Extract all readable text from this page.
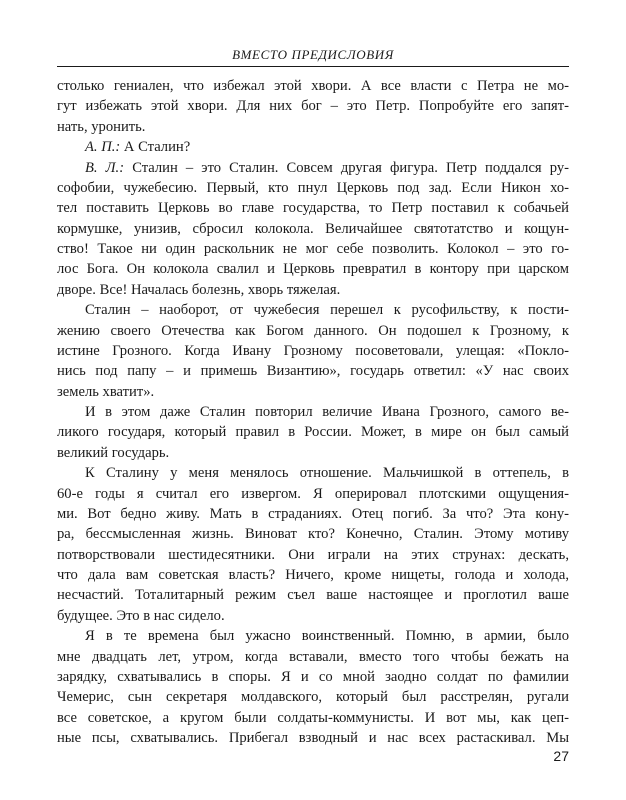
ВМЕСТО ПРЕДИСЛОВИЯ
столько гениален, что избежал этой хвори. А все власти с Петра не мо-
гут избежать этой хвори. Для них бог – это Петр. Попробуйте его запят-
нать, уронить.
А. П.: А Сталин?
В. Л.: Сталин – это Сталин. Совсем другая фигура. Петр поддался ру-
софобии, чужебесию. Первый, кто пнул Церковь под зад. Если Никон хо-
тел поставить Церковь во главе государства, то Петр поставил к собачьей
кормушке, унизив, сбросил колокола. Величайшее святотатство и кощун-
ство! Такое ни один раскольник не мог себе позволить. Колокол – это го-
лос Бога. Он колокола свалил и Церковь превратил в контору при царском
дворе. Все! Началась болезнь, хворь тяжелая.
Сталин – наоборот, от чужебесия перешел к русофильству, к пости-
жению своего Отечества как Богом данного. Он подошел к Грозному, к
истине Грозного. Когда Ивану Грозному посоветовали, улещая: «Покло-
нись под папу – и примешь Византию», государь ответил: «У нас своих
земель хватит».
И в этом даже Сталин повторил величие Ивана Грозного, самого ве-
ликого государя, который правил в России. Может, в мире он был самый
великий государь.
К Сталину у меня менялось отношение. Мальчишкой в оттепель, в
60-е годы я считал его извергом. Я оперировал плотскими ощущения-
ми. Вот бедно живу. Мать в страданиях. Отец погиб. За что? Эта кону-
ра, бессмысленная жизнь. Виноват кто? Конечно, Сталин. Этому мотиву
потворствовали шестидесятники. Они играли на этих струнах: дескать,
что дала вам советская власть? Ничего, кроме нищеты, голода и холода,
несчастий. Тоталитарный режим съел ваше настоящее и проглотил ваше
будущее. Это в нас сидело.
Я в те времена был ужасно воинственный. Помню, в армии, было
мне двадцать лет, утром, когда вставали, вместо того чтобы бежать на
зарядку, схватывались в споры. Я и со мной заодно солдат по фамилии
Чемерис, сын секретаря молдавского, который был расстрелян, ругали
все советское, а кругом были солдаты-коммунисты. И вот мы, как цеп-
ные псы, схватывались. Прибегал взводный и нас всех растаскивал. Мы
27
